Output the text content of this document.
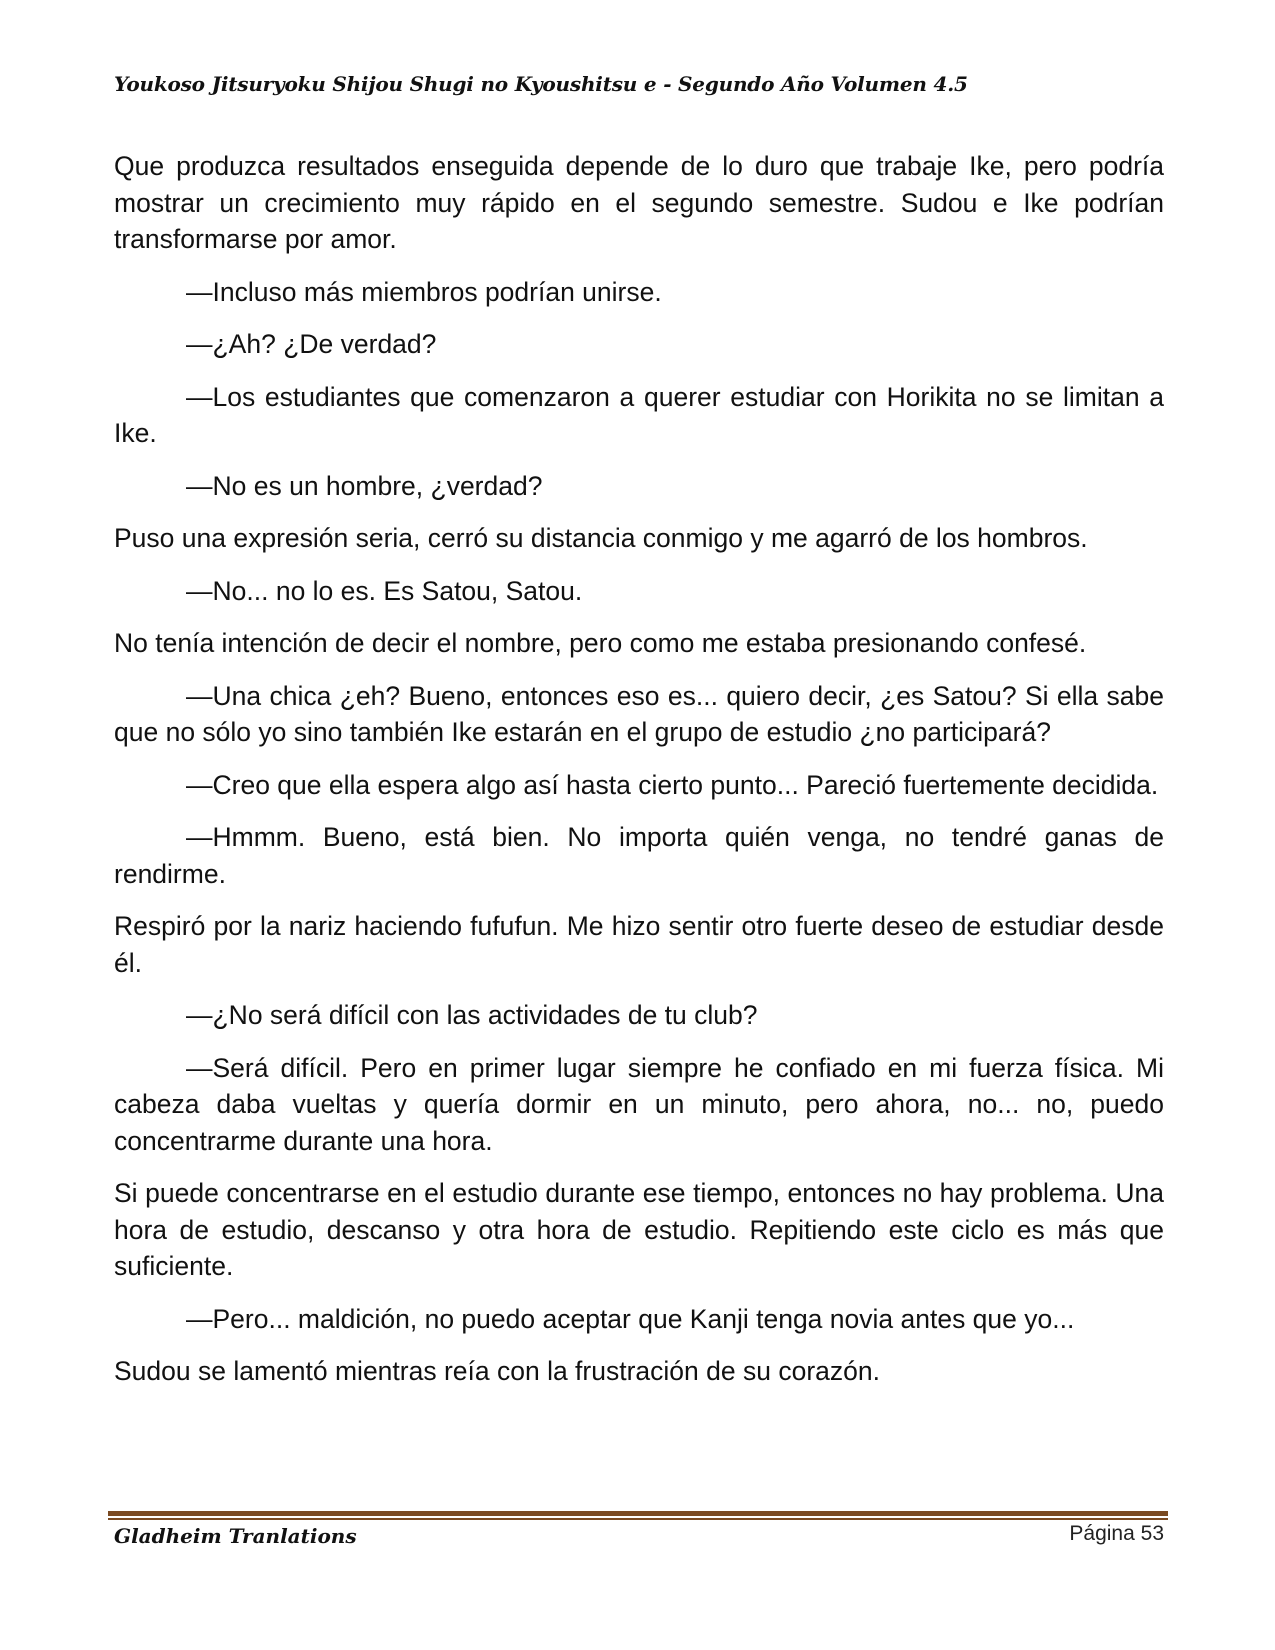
Youkoso Jitsuryoku Shijou Shugi no Kyoushitsu e - Segundo Año Volumen 4.5

Que produzca resultados enseguida depende de lo duro que trabaje Ike, pero podría mostrar un crecimiento muy rápido en el segundo semestre. Sudou e Ike podrían transformarse por amor.

—Incluso más miembros podrían unirse.

—¿Ah? ¿De verdad?

—Los estudiantes que comenzaron a querer estudiar con Horikita no se limitan a Ike.

—No es un hombre, ¿verdad?

Puso una expresión seria, cerró su distancia conmigo y me agarró de los hombros.

—No... no lo es. Es Satou, Satou.

No tenía intención de decir el nombre, pero como me estaba presionando confesé.

—Una chica ¿eh? Bueno, entonces eso es... quiero decir, ¿es Satou? Si ella sabe que no sólo yo sino también Ike estarán en el grupo de estudio ¿no participará?

—Creo que ella espera algo así hasta cierto punto... Pareció fuertemente decidida.

—Hmmm. Bueno, está bien. No importa quién venga, no tendré ganas de rendirme.

Respiró por la nariz haciendo fufufun. Me hizo sentir otro fuerte deseo de estudiar desde él.

—¿No será difícil con las actividades de tu club?

—Será difícil. Pero en primer lugar siempre he confiado en mi fuerza física. Mi cabeza daba vueltas y quería dormir en un minuto, pero ahora, no... no, puedo concentrarme durante una hora.

Si puede concentrarse en el estudio durante ese tiempo, entonces no hay problema. Una hora de estudio, descanso y otra hora de estudio. Repitiendo este ciclo es más que suficiente.

—Pero... maldición, no puedo aceptar que Kanji tenga novia antes que yo...

Sudou se lamentó mientras reía con la frustración de su corazón.

Gladheim Tranlations	Página 53
